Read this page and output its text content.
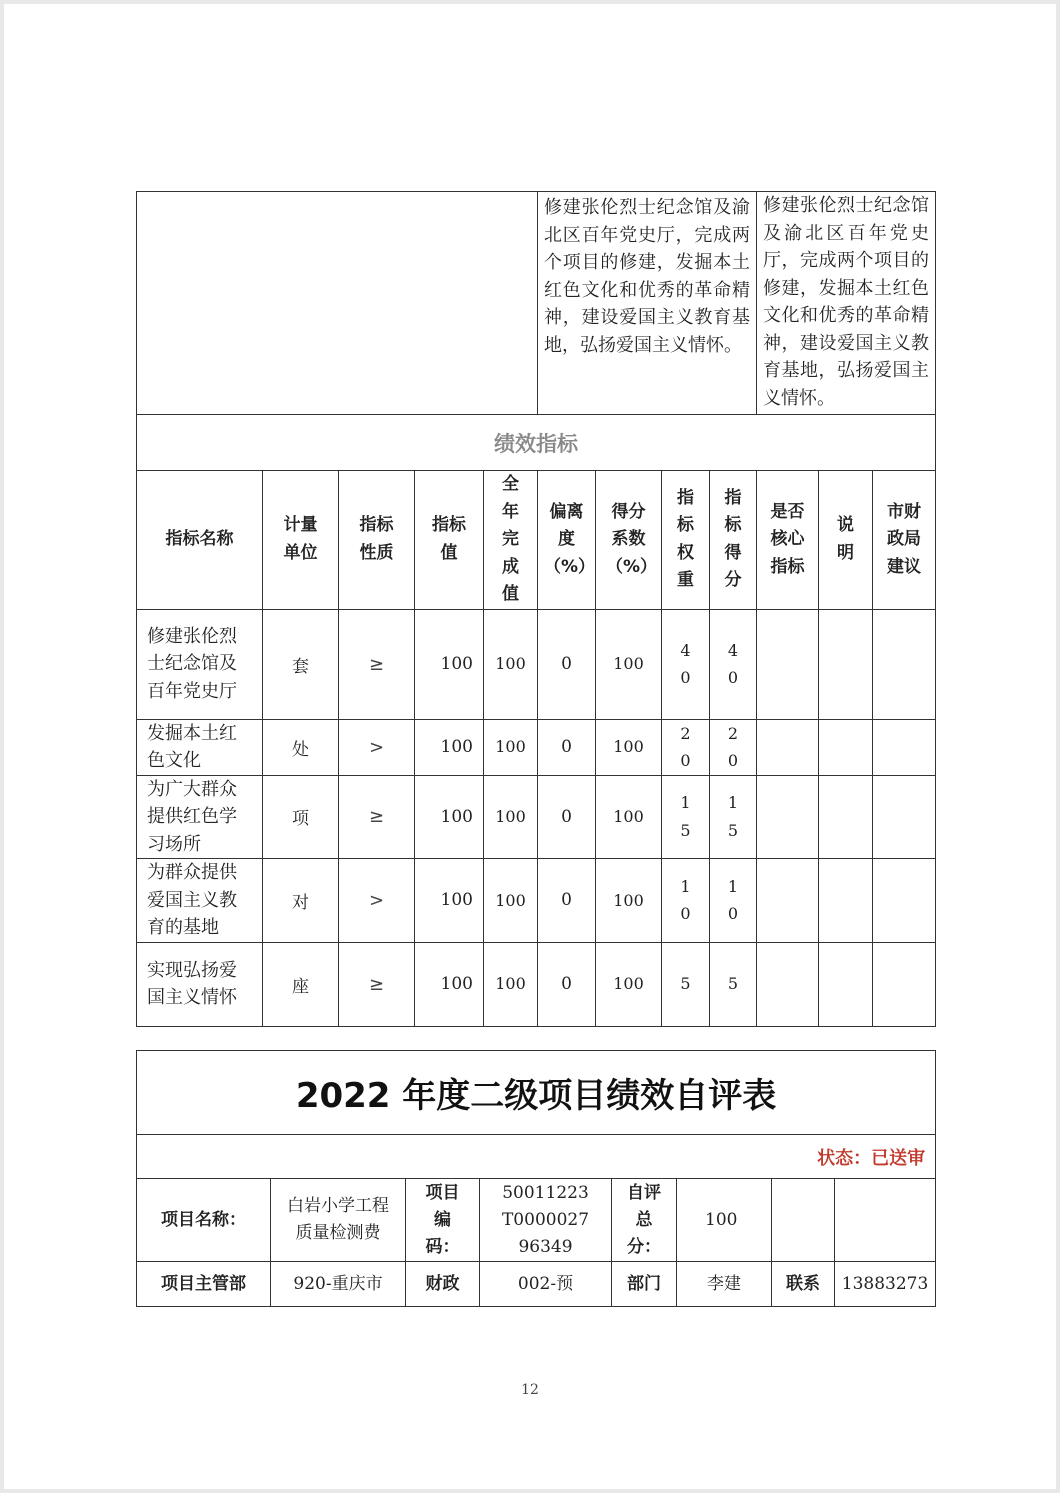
					修建张伦烈士纪念馆及渝北区百年党史厅，完成两个项目的修建，发掘本土红色文化和优秀的革命精神，建设爱国主义教育基地，弘扬爱国主义情怀。				修建张伦烈士纪念馆及渝北区百年党史厅，完成两个项目的修建，发掘本土红色文化和优秀的革命精神，建设爱国主义教育基地，弘扬爱国主义情怀。		
绩效指标											
指标名称	计量单位	指标性质	指标值	全年完成值	偏离度（%）	得分系数（%）	指标权重	指标得分	是否核心指标	说明	市财政局建议
修建张伦烈士纪念馆及百年党史厅	套	≥	100	100	0	100	40	40			
发掘本土红色文化	处	>	100	100	0	100	20	20			
为广大群众提供红色学习场所	项	≥	100	100	0	100	15	15			
为群众提供爱国主义教育的基地	对	>	100	100	0	100	10	10			
实现弘扬爱国主义情怀	座	≥	100	100	0	100	5	5			
2022 年度二级项目绩效自评表							
状态：已送审							
项目名称：	白岩小学工程质量检测费	项目编码：	50011223T000002796349	自评总分：	100		
项目主管部	920-重庆市	财政	002-预	部门	李建	联系	13883273
12
